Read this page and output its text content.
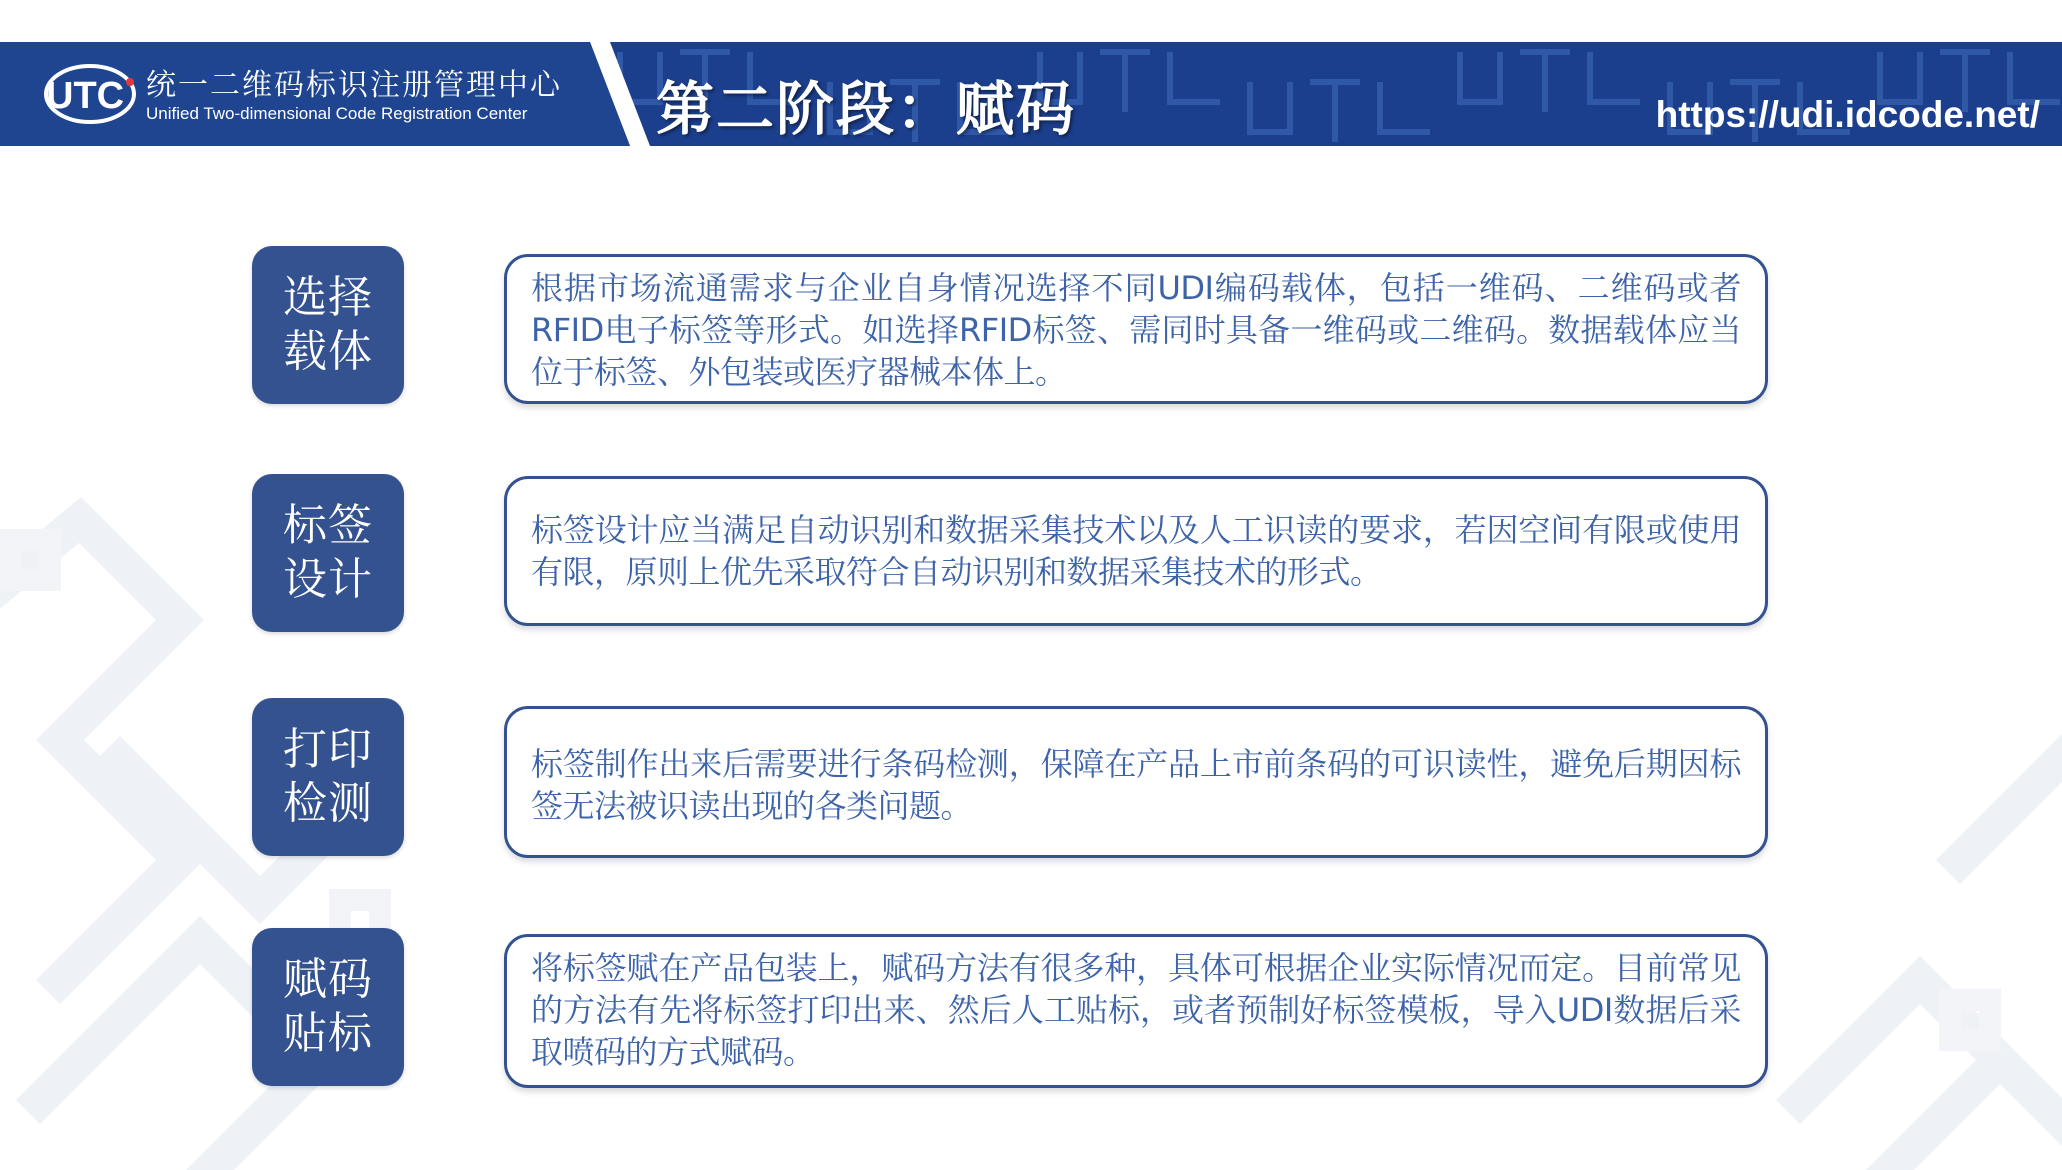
UTC 统一二维码标识注册管理中心
Unified Two-dimensional Code Registration Center 第二阶段：赋码	https://udi.idcode.net/
选择
载体

根据市场流通需求与企业自身情况选择不同UDI编码载体，包括一维码、二维码或者RFID电子标签等形式。如选择RFID标签、需同时具备一维码或二维码。数据载体应当位于标签、外包装或医疗器械本体上。

标签
设计

标签设计应当满足自动识别和数据采集技术以及人工识读的要求，若因空间有限或使用有限，原则上优先采取符合自动识别和数据采集技术的形式。

打印
检测

标签制作出来后需要进行条码检测，保障在产品上市前条码的可识读性，避免后期因标签无法被识读出现的各类问题。

赋码
贴标

将标签赋在产品包装上，赋码方法有很多种，具体可根据企业实际情况而定。目前常见的方法有先将标签打印出来、然后人工贴标，或者预制好标签模板，导入UDI数据后采取喷码的方式赋码。
